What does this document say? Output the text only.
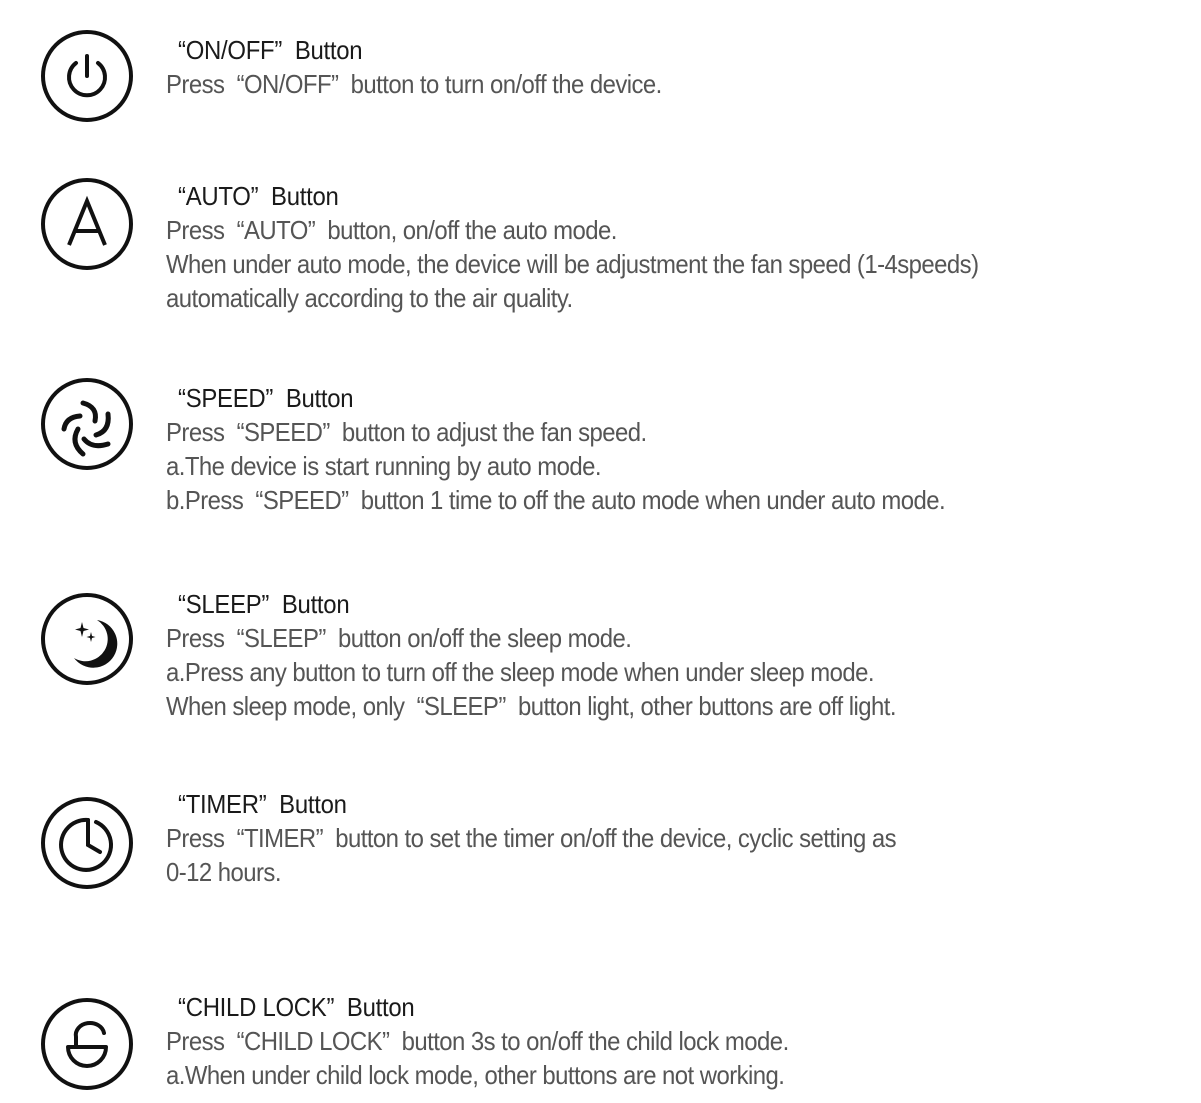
“ON/OFF”  Button
Press  “ON/OFF”  button to turn on/off the device.
“AUTO”  Button
Press  “AUTO”  button, on/off the auto mode.
When under auto mode, the device will be adjustment the fan speed (1-4speeds)
automatically according to the air quality.
“SPEED”  Button
Press  “SPEED”  button to adjust the fan speed.
a.The device is start running by auto mode.
b.Press  “SPEED”  button 1 time to off the auto mode when under auto mode.
“SLEEP”  Button
Press  “SLEEP”  button on/off the sleep mode.
a.Press any button to turn off the sleep mode when under sleep mode.
When sleep mode, only  “SLEEP”  button light, other buttons are off light.
“TIMER”  Button
Press  “TIMER”  button to set the timer on/off the device, cyclic setting as
0-12 hours.
“CHILD LOCK”  Button
Press  “CHILD LOCK”  button 3s to on/off the child lock mode.
a.When under child lock mode, other buttons are not working.
